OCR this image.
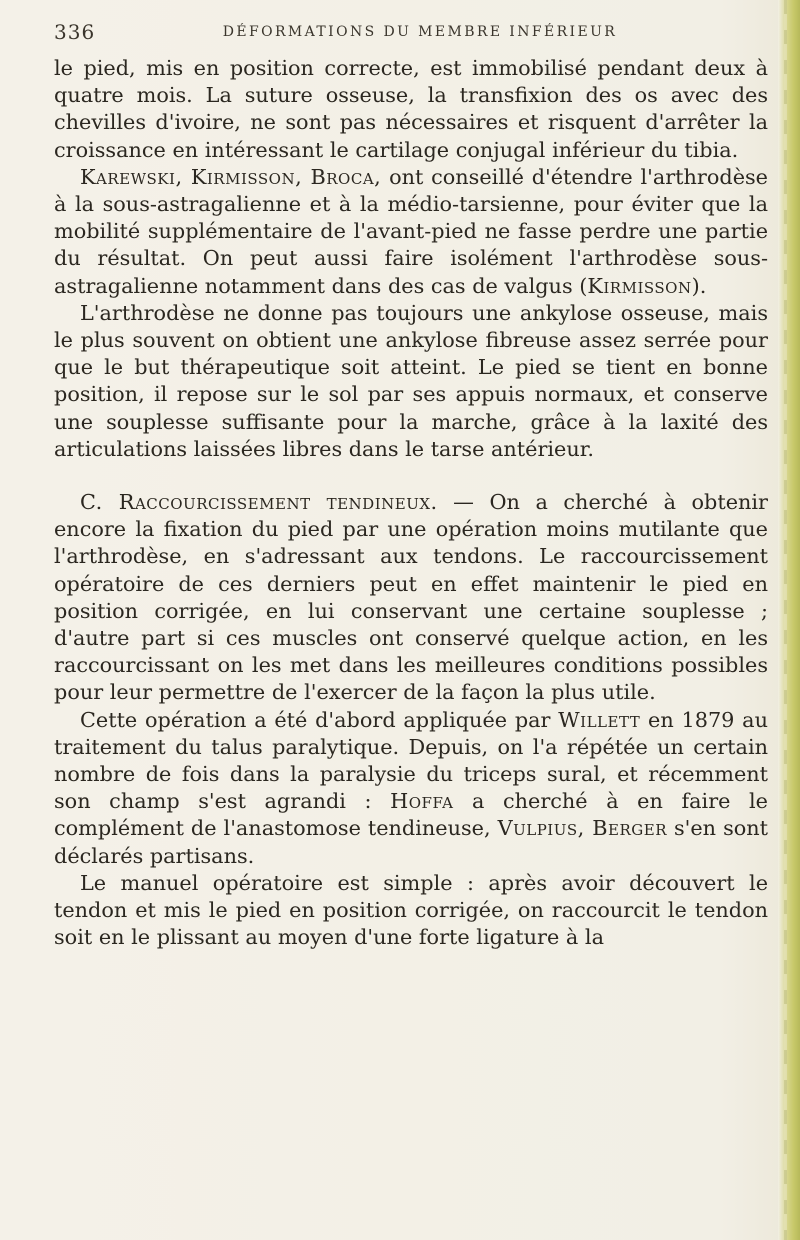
336	DÉFORMATIONS DU MEMBRE INFÉRIEUR

le pied, mis en position correcte, est immobilisé pendant deux à quatre mois. La suture osseuse, la transfixion des os avec des chevilles d'ivoire, ne sont pas nécessaires et risquent d'arrêter la croissance en intéressant le cartilage conjugal inférieur du tibia.

Karewski, Kirmisson, Broca, ont conseillé d'étendre l'arthrodèse à la sous-astragalienne et à la médio-tarsienne, pour éviter que la mobilité supplémentaire de l'avant-pied ne fasse perdre une partie du résultat. On peut aussi faire isolément l'arthrodèse sous-astragalienne notamment dans des cas de valgus (Kirmisson).

L'arthrodèse ne donne pas toujours une ankylose osseuse, mais le plus souvent on obtient une ankylose fibreuse assez serrée pour que le but thérapeutique soit atteint. Le pied se tient en bonne position, il repose sur le sol par ses appuis normaux, et conserve une souplesse suffisante pour la marche, grâce à la laxité des articulations laissées libres dans le tarse antérieur.

C. Raccourcissement tendineux. — On a cherché à obtenir encore la fixation du pied par une opération moins mutilante que l'arthrodèse, en s'adressant aux tendons. Le raccourcissement opératoire de ces derniers peut en effet maintenir le pied en position corrigée, en lui conservant une certaine souplesse ; d'autre part si ces muscles ont conservé quelque action, en les raccourcissant on les met dans les meilleures conditions possibles pour leur permettre de l'exercer de la façon la plus utile.

Cette opération a été d'abord appliquée par Willett en 1879 au traitement du talus paralytique. Depuis, on l'a répétée un certain nombre de fois dans la paralysie du triceps sural, et récemment son champ s'est agrandi : Hoffa a cherché à en faire le complément de l'anastomose tendineuse, Vulpius, Berger s'en sont déclarés partisans.

Le manuel opératoire est simple : après avoir découvert le tendon et mis le pied en position corrigée, on raccourcit le tendon soit en le plissant au moyen d'une forte ligature à la
